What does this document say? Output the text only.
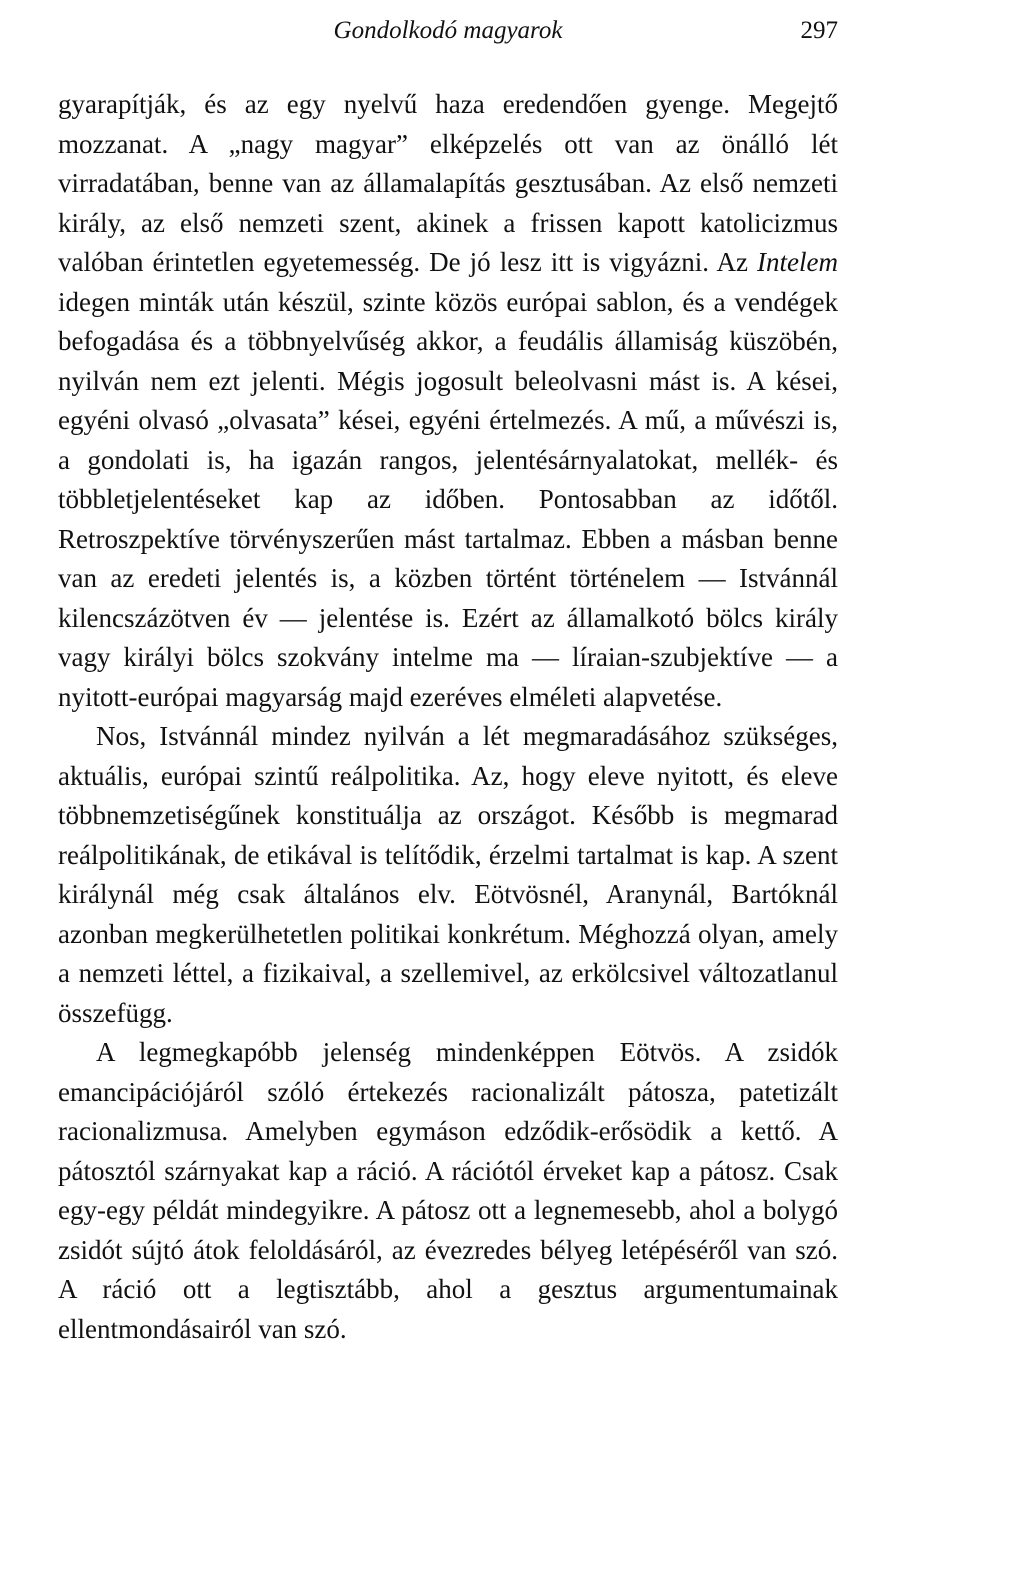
Gondolkodó magyarok	297

gyarapítják, és az egy nyelvű haza eredendően gyenge. Megejtő mozzanat. A „nagy magyar” elképzelés ott van az önálló lét virradatában, benne van az államalapítás gesztusában. Az első nemzeti király, az első nemzeti szent, akinek a frissen kapott katolicizmus valóban érintetlen egyetemesség. De jó lesz itt is vigyázni. Az Intelem idegen minták után készül, szinte közös európai sablon, és a vendégek befogadása és a többnyelvűség akkor, a feudális államiság küszöbén, nyilván nem ezt jelenti. Mégis jogosult beleolvasni mást is. A kései, egyéni olvasó „olvasata” kései, egyéni értelmezés. A mű, a művészi is, a gondolati is, ha igazán rangos, jelentésárnyalatokat, mellék- és többletjelentéseket kap az időben. Pontosabban az időtől. Retroszpektíve törvényszerűen mást tartalmaz. Ebben a másban benne van az eredeti jelentés is, a közben történt történelem — Istvánnál kilencszázötven év — jelentése is. Ezért az államalkotó bölcs király vagy királyi bölcs szokvány intelme ma — líraian-szubjektíve — a nyitott-európai magyarság majd ezeréves elméleti alapvetése.

Nos, Istvánnál mindez nyilván a lét megmaradásához szükséges, aktuális, európai szintű reálpolitika. Az, hogy eleve nyitott, és eleve többnemzetiségűnek konstituálja az országot. Később is megmarad reálpolitikának, de etikával is telítődik, érzelmi tartalmat is kap. A szent királynál még csak általános elv. Eötvösnél, Aranynál, Bartóknál azonban megkerülhetetlen politikai konkrétum. Méghozzá olyan, amely a nemzeti léttel, a fizikaival, a szellemivel, az erkölcsivel változatlanul összefügg.

A legmegkapóbb jelenség mindenképpen Eötvös. A zsidók emancipációjáról szóló értekezés racionalizált pátosza, patetizált racionalizmusa. Amelyben egymáson edződik-erősödik a kettő. A pátosztól szárnyakat kap a ráció. A rációtól érveket kap a pátosz. Csak egy-egy példát mindegyikre. A pátosz ott a legnemesebb, ahol a bolygó zsidót sújtó átok feloldásáról, az évezredes bélyeg letépéséről van szó. A ráció ott a legtisztább, ahol a gesztus argumentumainak ellentmondásairól van szó.
